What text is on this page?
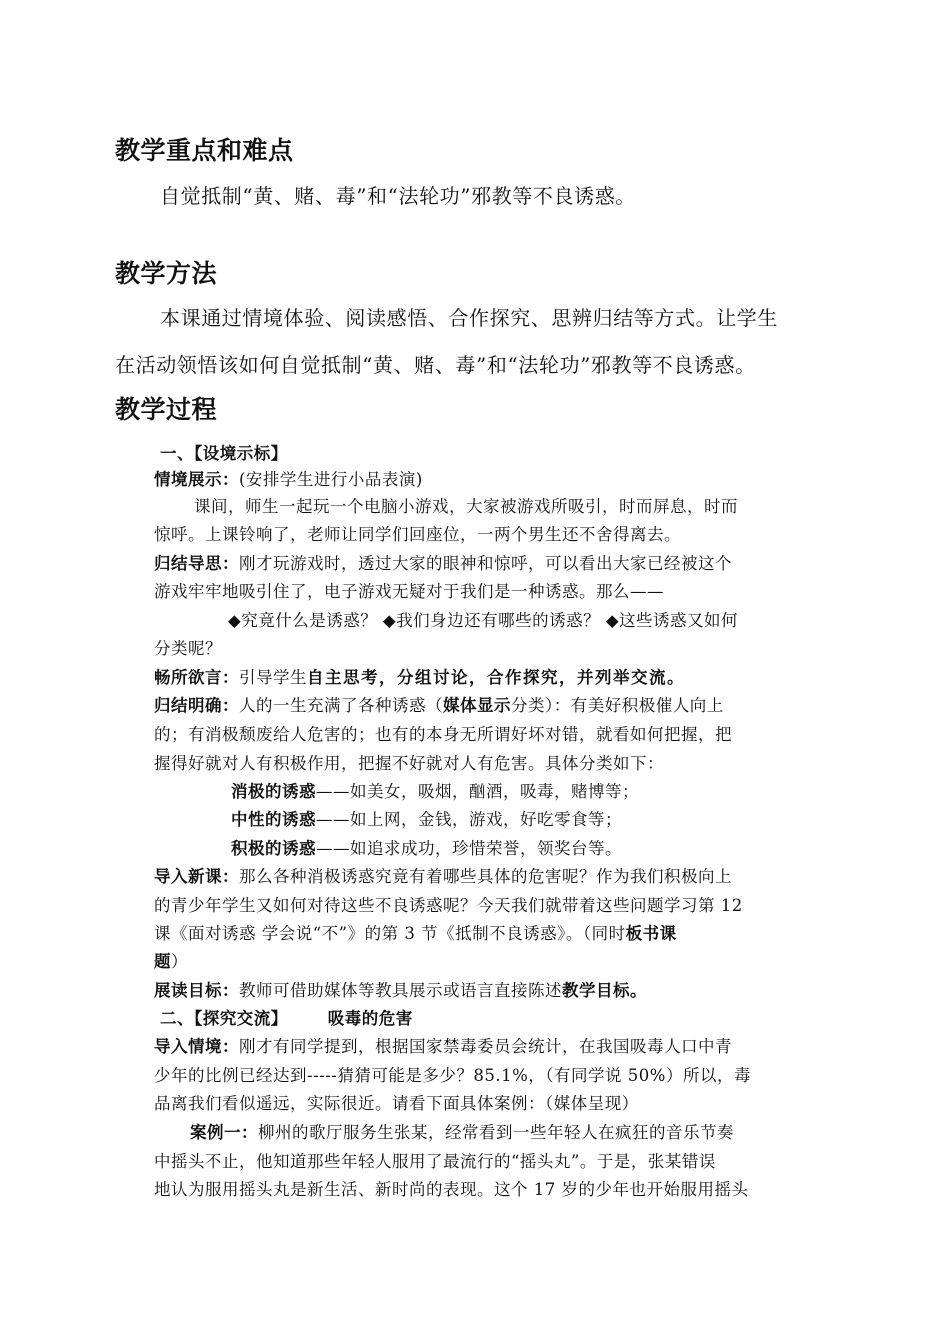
教学重点和难点
自觉抵制“黄、赌、毒”和“法轮功”邪教等不良诱惑。
教学方法
本课通过情境体验、阅读感悟、合作探究、思辨归结等方式。让学生
在活动领悟该如何自觉抵制“黄、赌、毒”和“法轮功”邪教等不良诱惑。
教学过程
一、【设境示标】
情境展示：(安排学生进行小品表演)
课间，师生一起玩一个电脑小游戏，大家被游戏所吸引，时而屏息，时而
惊呼。上课铃响了，老师让同学们回座位，一两个男生还不舍得离去。
归结导思：刚才玩游戏时，透过大家的眼神和惊呼，可以看出大家已经被这个
游戏牢牢地吸引住了，电子游戏无疑对于我们是一种诱惑。那么——
◆究竟什么是诱惑？ ◆我们身边还有哪些的诱惑？ ◆这些诱惑又如何
分类呢？
畅所欲言：引导学生自主思考，分组讨论，合作探究，并列举交流。
归结明确：人的一生充满了各种诱惑（媒体显示分类）：有美好积极催人向上
的；有消极颓废给人危害的；也有的本身无所谓好坏对错，就看如何把握，把
握得好就对人有积极作用，把握不好就对人有危害。具体分类如下：
消极的诱惑——如美女，吸烟，酗酒，吸毒，赌博等；
中性的诱惑——如上网，金钱，游戏，好吃零食等；
积极的诱惑——如追求成功，珍惜荣誉，领奖台等。
导入新课：那么各种消极诱惑究竟有着哪些具体的危害呢？作为我们积极向上
的青少年学生又如何对待这些不良诱惑呢？今天我们就带着这些问题学习第 12
课《面对诱惑 学会说“不”》的第 3 节《抵制不良诱惑》。（同时板书课
题）
展读目标：教师可借助媒体等教具展示或语言直接陈述教学目标。
二、【探究交流】 吸毒的危害
导入情境：刚才有同学提到，根据国家禁毒委员会统计，在我国吸毒人口中青
少年的比例已经达到-----猜猜可能是多少？85.1%，（有同学说 50%）所以，毒
品离我们看似遥远，实际很近。请看下面具体案例：（媒体呈现）
案例一：柳州的歌厅服务生张某，经常看到一些年轻人在疯狂的音乐节奏
中摇头不止，他知道那些年轻人服用了最流行的“摇头丸”。于是，张某错误
地认为服用摇头丸是新生活、新时尚的表现。这个 17 岁的少年也开始服用摇头
